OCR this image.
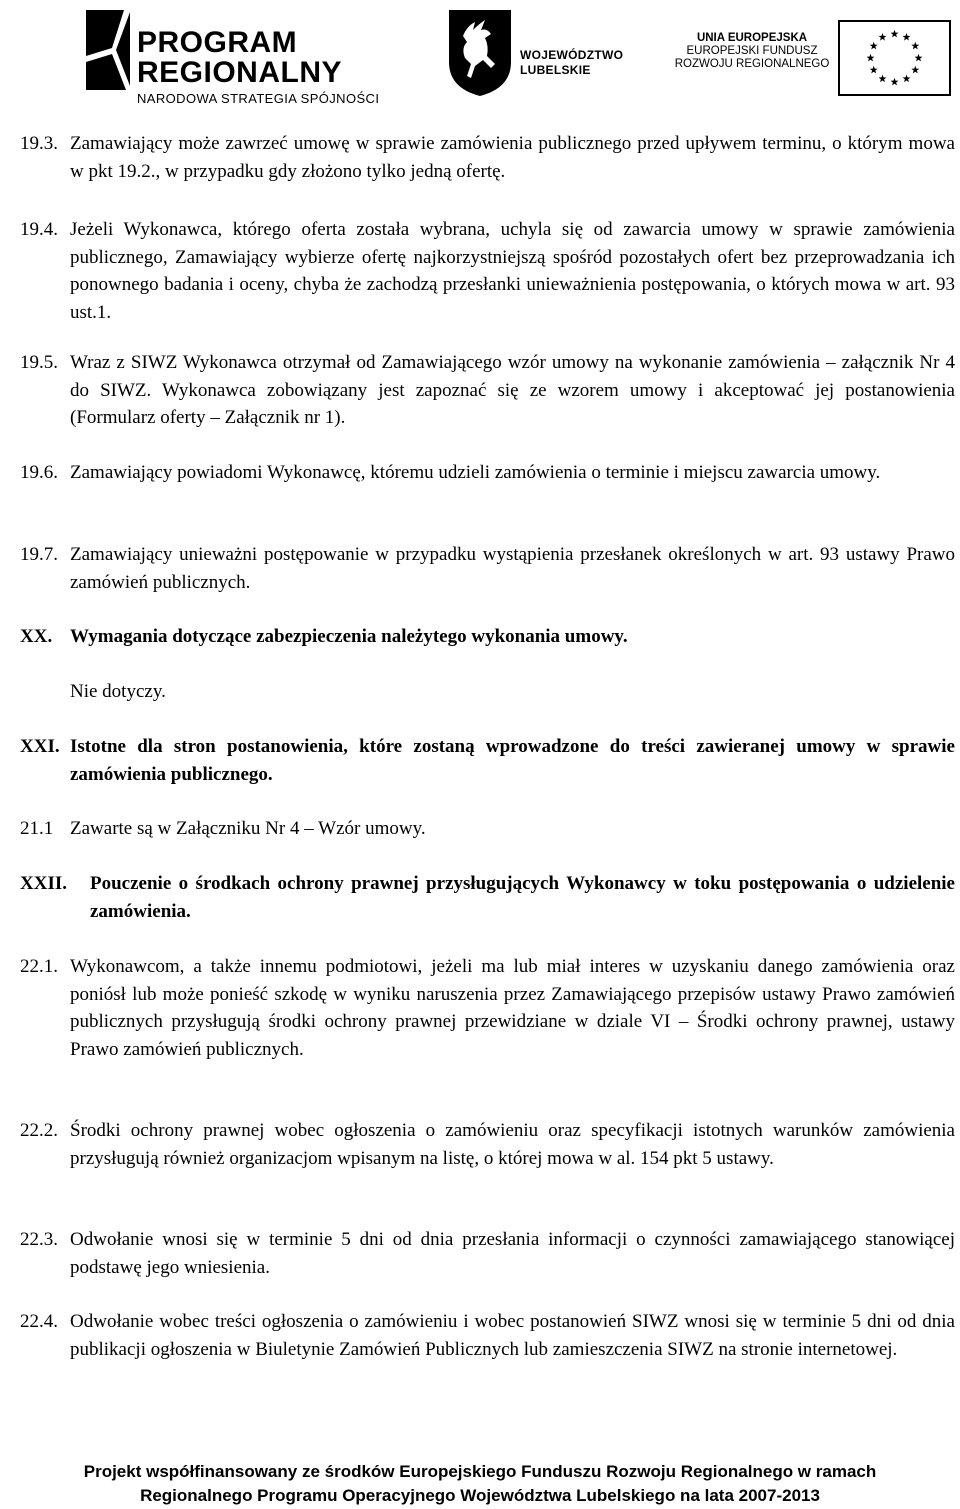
PROGRAM
REGIONALNY
NARODOWA STRATEGIA SPÓJNOŚCI
WOJEWÓDZTWO
LUBELSKIE
UNIA EUROPEJSKA
EUROPEJSKI FUNDUSZ
ROZWOJU REGIONALNEGO
19.3. Zamawiający może zawrzeć umowę w sprawie zamówienia publicznego przed upływem terminu, o którym mowa w pkt 19.2., w przypadku gdy złożono tylko jedną ofertę.
19.4. Jeżeli Wykonawca, którego oferta została wybrana, uchyla się od zawarcia umowy w sprawie zamówienia publicznego, Zamawiający wybierze ofertę najkorzystniejszą spośród pozostałych ofert bez przeprowadzania ich ponownego badania i oceny, chyba że zachodzą przesłanki unieważnienia postępowania, o których mowa w art. 93 ust.1.
19.5. Wraz z SIWZ Wykonawca otrzymał od Zamawiającego wzór umowy na wykonanie zamówienia – załącznik Nr 4 do SIWZ. Wykonawca zobowiązany jest zapoznać się ze wzorem umowy i akceptować jej postanowienia (Formularz oferty – Załącznik nr 1).
19.6. Zamawiający powiadomi Wykonawcę, któremu udzieli zamówienia o terminie i miejscu zawarcia umowy.
19.7. Zamawiający unieważni postępowanie w przypadku wystąpienia przesłanek określonych w art. 93 ustawy Prawo zamówień publicznych.
XX. Wymagania dotyczące zabezpieczenia należytego wykonania umowy.
Nie dotyczy.
XXI. Istotne dla stron postanowienia, które zostaną wprowadzone do treści zawieranej umowy w sprawie zamówienia publicznego.
21.1 Zawarte są w Załączniku Nr 4 – Wzór umowy.
XXII. Pouczenie o środkach ochrony prawnej przysługujących Wykonawcy w toku postępowania o udzielenie zamówienia.
22.1. Wykonawcom, a także innemu podmiotowi, jeżeli ma lub miał interes w uzyskaniu danego zamówienia oraz poniósł lub może ponieść szkodę w wyniku naruszenia przez Zamawiającego przepisów ustawy Prawo zamówień publicznych przysługują środki ochrony prawnej przewidziane w dziale VI – Środki ochrony prawnej, ustawy Prawo zamówień publicznych.
22.2. Środki ochrony prawnej wobec ogłoszenia o zamówieniu oraz specyfikacji istotnych warunków zamówienia przysługują również organizacjom wpisanym na listę, o której mowa w al. 154 pkt 5 ustawy.
22.3. Odwołanie wnosi się w terminie 5 dni od dnia przesłania informacji o czynności zamawiającego stanowiącej podstawę jego wniesienia.
22.4. Odwołanie wobec treści ogłoszenia o zamówieniu i wobec postanowień SIWZ wnosi się w terminie 5 dni od dnia publikacji ogłoszenia w Biuletynie Zamówień Publicznych lub zamieszczenia SIWZ na stronie internetowej.
Projekt współfinansowany ze środków Europejskiego Funduszu Rozwoju Regionalnego w ramach
Regionalnego Programu Operacyjnego Województwa Lubelskiego na lata 2007-2013
